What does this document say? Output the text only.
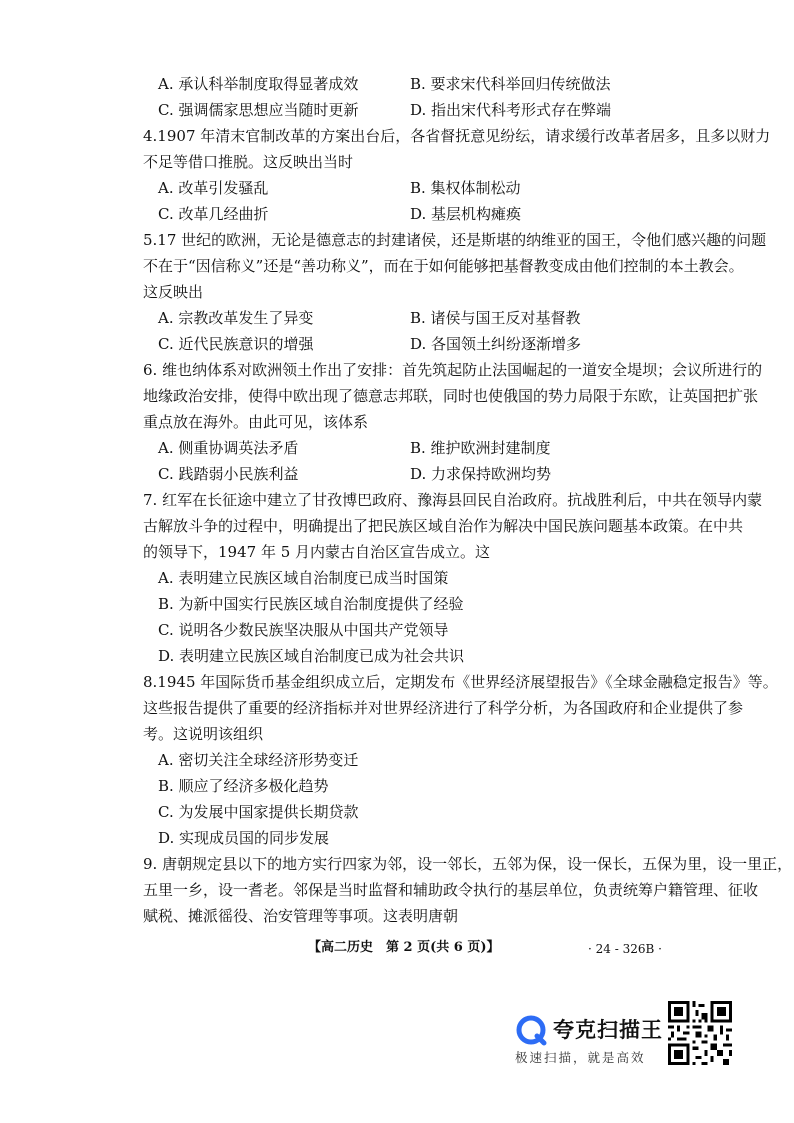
A. 承认科举制度取得显著成效	B. 要求宋代科举回归传统做法
C. 强调儒家思想应当随时更新	D. 指出宋代科考形式存在弊端
4.1907 年清末官制改革的方案出台后，各省督抚意见纷纭，请求缓行改革者居多，且多以财力
不足等借口推脱。这反映出当时
A. 改革引发骚乱	B. 集权体制松动
C. 改革几经曲折	D. 基层机构瘫痪
5.17 世纪的欧洲，无论是德意志的封建诸侯，还是斯堪的纳维亚的国王，令他们感兴趣的问题
不在于“因信称义”还是“善功称义”，而在于如何能够把基督教变成由他们控制的本土教会。
这反映出
A. 宗教改革发生了异变	B. 诸侯与国王反对基督教
C. 近代民族意识的增强	D. 各国领土纠纷逐渐增多
6. 维也纳体系对欧洲领土作出了安排：首先筑起防止法国崛起的一道安全堤坝；会议所进行的
地缘政治安排，使得中欧出现了德意志邦联，同时也使俄国的势力局限于东欧，让英国把扩张
重点放在海外。由此可见，该体系
A. 侧重协调英法矛盾	B. 维护欧洲封建制度
C. 践踏弱小民族利益	D. 力求保持欧洲均势
7. 红军在长征途中建立了甘孜博巴政府、豫海县回民自治政府。抗战胜利后，中共在领导内蒙
古解放斗争的过程中，明确提出了把民族区域自治作为解决中国民族问题基本政策。在中共
的领导下，1947 年 5 月内蒙古自治区宣告成立。这
A. 表明建立民族区域自治制度已成当时国策
B. 为新中国实行民族区域自治制度提供了经验
C. 说明各少数民族坚决服从中国共产党领导
D. 表明建立民族区域自治制度已成为社会共识
8.1945 年国际货币基金组织成立后，定期发布《世界经济展望报告》《全球金融稳定报告》等。
这些报告提供了重要的经济指标并对世界经济进行了科学分析，为各国政府和企业提供了参
考。这说明该组织
A. 密切关注全球经济形势变迁
B. 顺应了经济多极化趋势
C. 为发展中国家提供长期贷款
D. 实现成员国的同步发展
9. 唐朝规定县以下的地方实行四家为邻，设一邻长，五邻为保，设一保长，五保为里，设一里正，
五里一乡，设一耆老。邻保是当时监督和辅助政令执行的基层单位，负责统筹户籍管理、征收
赋税、摊派徭役、治安管理等事项。这表明唐朝
【高二历史　第 2 页(共 6 页)】	· 24 - 326B ·
夸克扫描王
极速扫描，就是高效
